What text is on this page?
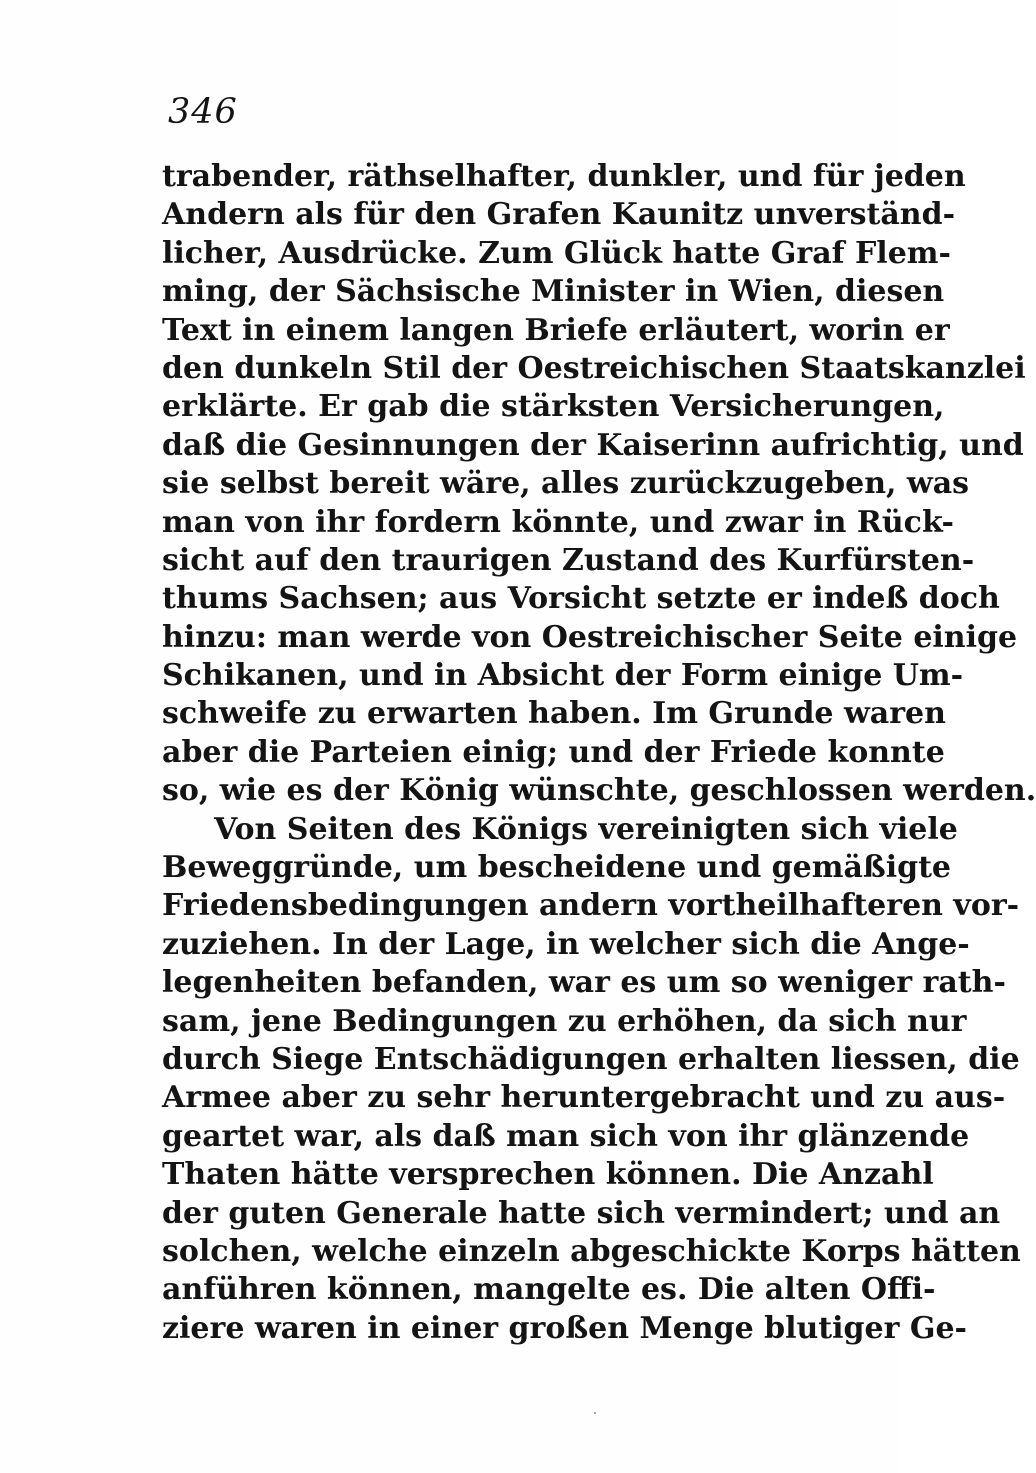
346
trabender, räthselhafter, dunkler, und für jeden
Andern als für den Grafen Kaunitz unverständ-
licher, Ausdrücke. Zum Glück hatte Graf Flem-
ming, der Sächsische Minister in Wien, diesen
Text in einem langen Briefe erläutert, worin er
den dunkeln Stil der Oestreichischen Staatskanzlei
erklärte. Er gab die stärksten Versicherungen,
daß die Gesinnungen der Kaiserinn aufrichtig, und
sie selbst bereit wäre, alles zurückzugeben, was
man von ihr fordern könnte, und zwar in Rück-
sicht auf den traurigen Zustand des Kurfürsten-
thums Sachsen; aus Vorsicht setzte er indeß doch
hinzu: man werde von Oestreichischer Seite einige
Schikanen, und in Absicht der Form einige Um-
schweife zu erwarten haben. Im Grunde waren
aber die Parteien einig; und der Friede konnte
so, wie es der König wünschte, geschlossen werden.
Von Seiten des Königs vereinigten sich viele
Beweggründe, um bescheidene und gemäßigte
Friedensbedingungen andern vortheilhafteren vor-
zuziehen. In der Lage, in welcher sich die Ange-
legenheiten befanden, war es um so weniger rath-
sam, jene Bedingungen zu erhöhen, da sich nur
durch Siege Entschädigungen erhalten liessen, die
Armee aber zu sehr heruntergebracht und zu aus-
geartet war, als daß man sich von ihr glänzende
Thaten hätte versprechen können. Die Anzahl
der guten Generale hatte sich vermindert; und an
solchen, welche einzeln abgeschickte Korps hätten
anführen können, mangelte es. Die alten Offi-
ziere waren in einer großen Menge blutiger Ge-
